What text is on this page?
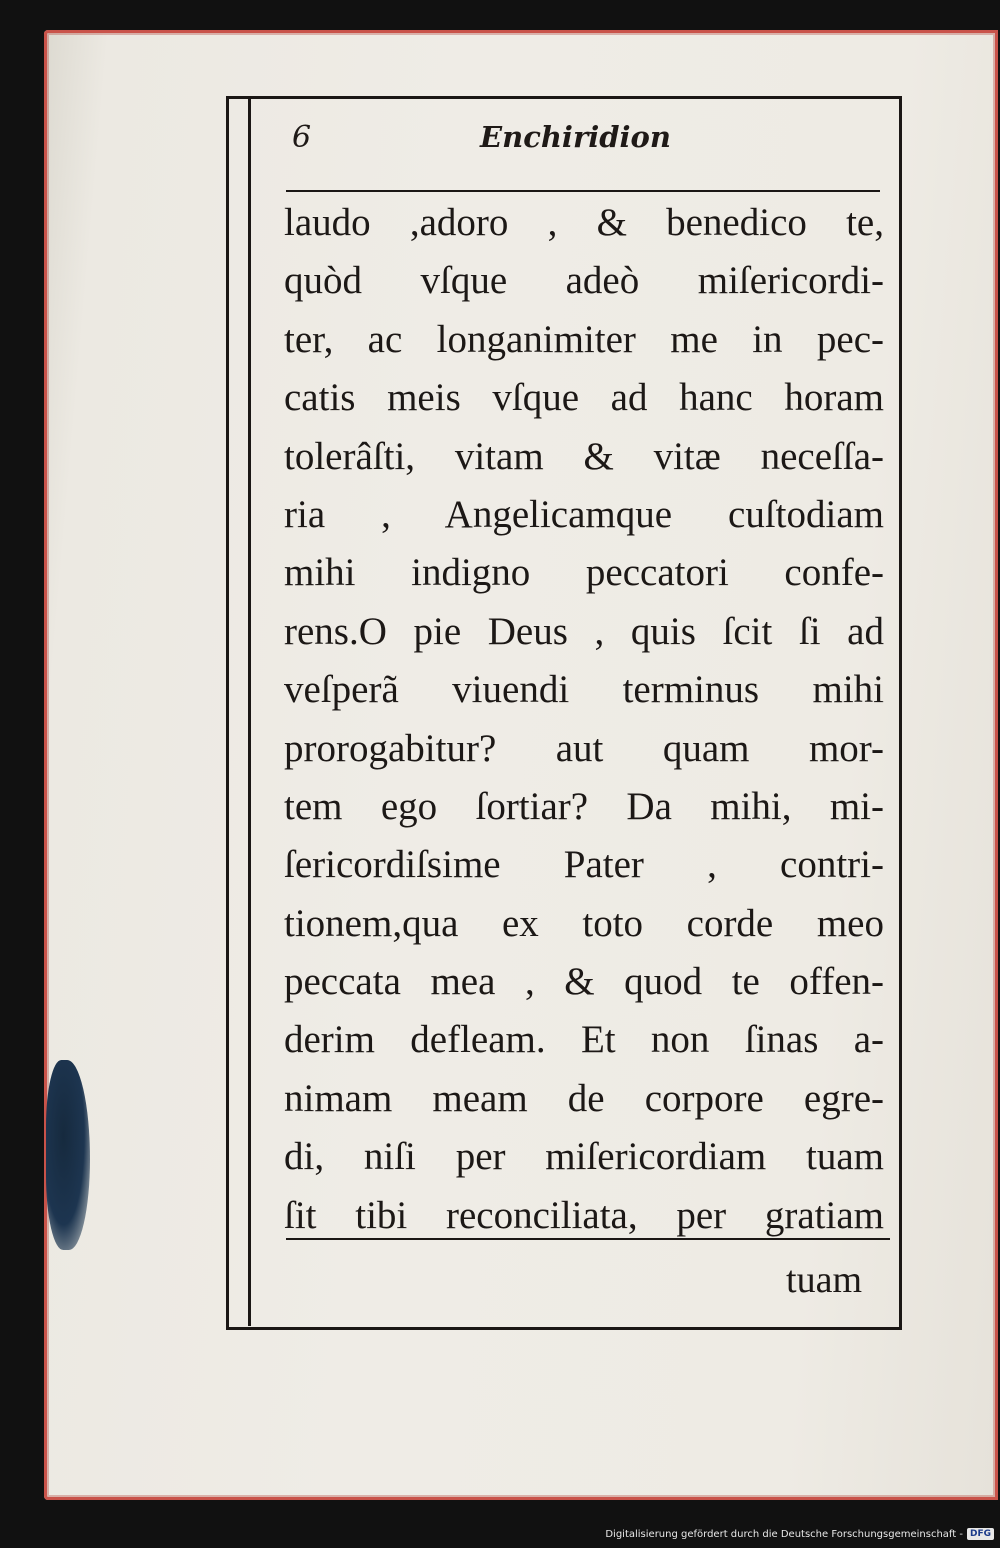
6	Enchiridion
laudo ,adoro , & benedico te,
quòd vſque adeò miſericordi-
ter, ac longanimiter me in pec-
catis meis vſque ad hanc horam
tolerâſti, vitam & vitæ neceſſa-
ria , Angelicamque cuſtodiam
mihi indigno peccatori confe-
rens.O pie Deus , quis ſcit ſi ad
veſperã viuendi terminus mihi
prorogabitur? aut quam mor-
tem ego ſortiar? Da mihi, mi-
ſericordiſsime Pater , contri-
tionem,qua ex toto corde meo
peccata mea , & quod te offen-
derim defleam. Et non ſinas a-
nimam meam de corpore egre-
di, niſi per miſericordiam tuam
ſit tibi reconciliata, per gratiam
tuam
Digitalisierung gefördert durch die Deutsche Forschungsgemeinschaft - DFG
